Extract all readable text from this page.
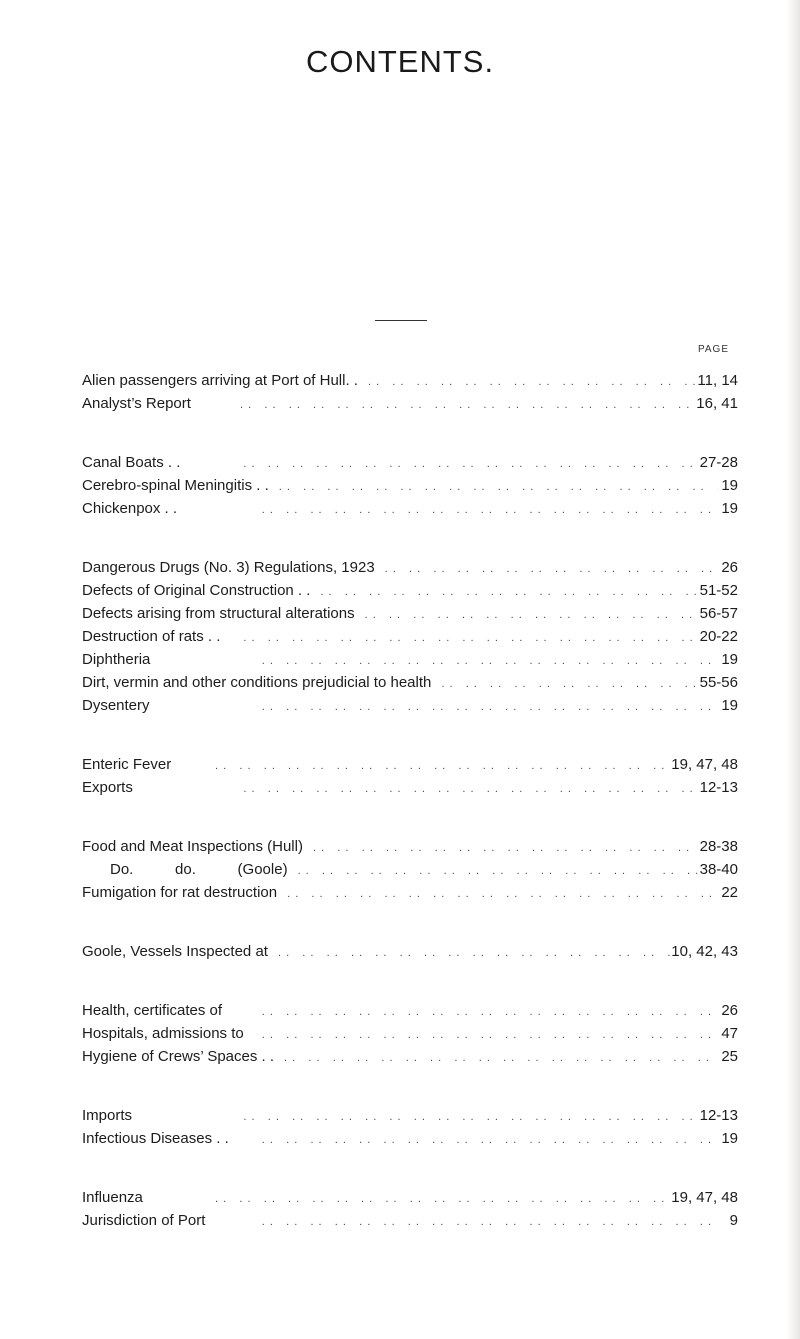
CONTENTS.
PAGE
Alien passengers arriving at Port of Hull. . . .	11, 14
Analyst’s Report . .	16, 41
Canal Boats . . . .	27-28
Cerebro-spinal Meningitis . . . .	19
Chickenpox . . . .	19
Dangerous Drugs (No. 3) Regulations, 1923 . .	26
Defects of Original Construction . . . .	51-52
Defects arising from structural alterations . .	56-57
Destruction of rats . . . .	20-22
Diphtheria . .	19
Dirt, vermin and other conditions prejudicial to health . .	55-56
Dysentery . .	19
Enteric Fever . .	19, 47, 48
Exports . .	12-13
Food and Meat Inspections (Hull) . .	28-38
Do.          do.          (Goole) . .	38-40
Fumigation for rat destruction . .	22
Goole, Vessels Inspected at . .	10, 42, 43
Health, certificates of . .	26
Hospitals, admissions to . .	47
Hygiene of Crews’ Spaces . . . .	25
Imports . .	12-13
Infectious Diseases . . . .	19
Influenza . .	19, 47, 48
Jurisdiction of Port . .	9
